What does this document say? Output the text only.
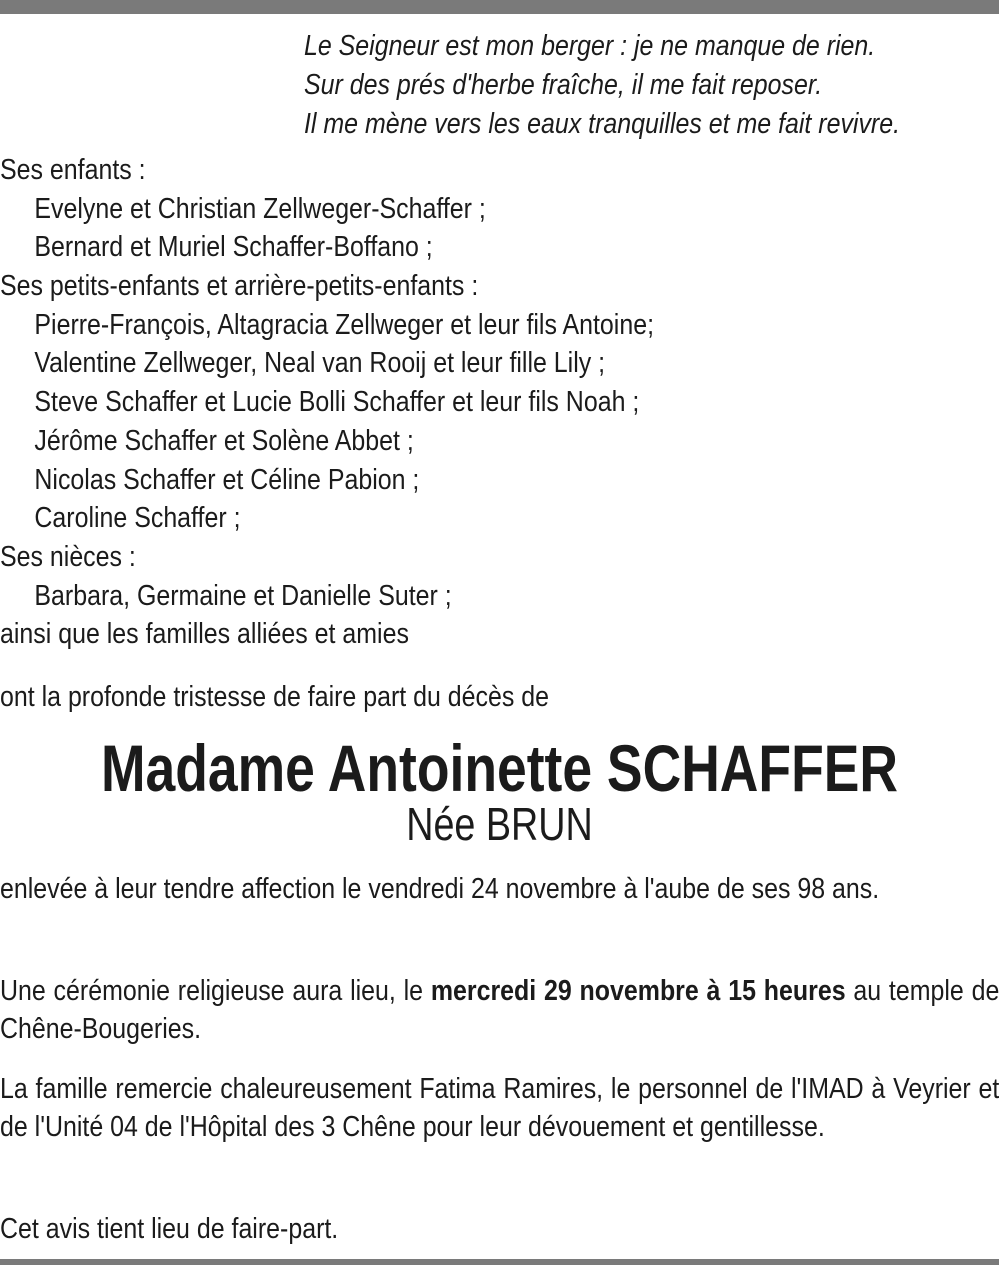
Le Seigneur est mon berger : je ne manque de rien.
Sur des prés d'herbe fraîche, il me fait reposer.
Il me mène vers les eaux tranquilles et me fait revivre.
Ses enfants :
Evelyne et Christian Zellweger-Schaffer ;
Bernard et Muriel Schaffer-Boffano ;
Ses petits-enfants et arrière-petits-enfants :
Pierre-François, Altagracia Zellweger et leur fils Antoine;
Valentine Zellweger, Neal van Rooij et leur fille Lily ;
Steve Schaffer et Lucie Bolli Schaffer et leur fils Noah ;
Jérôme Schaffer et Solène Abbet ;
Nicolas Schaffer et Céline Pabion ;
Caroline Schaffer ;
Ses nièces :
Barbara, Germaine et Danielle Suter ;
ainsi que les familles alliées et amies
ont la profonde tristesse de faire part du décès de
Madame Antoinette SCHAFFER
Née BRUN
enlevée à leur tendre affection le vendredi 24 novembre à l'aube de ses 98 ans.
Une cérémonie religieuse aura lieu, le mercredi 29 novembre à 15 heures au temple de Chêne-Bougeries.
La famille remercie chaleureusement Fatima Ramires, le personnel de l'IMAD à Veyrier et de l'Unité 04 de l'Hôpital des 3 Chêne pour leur dévouement et gentillesse.
Cet avis tient lieu de faire-part.
